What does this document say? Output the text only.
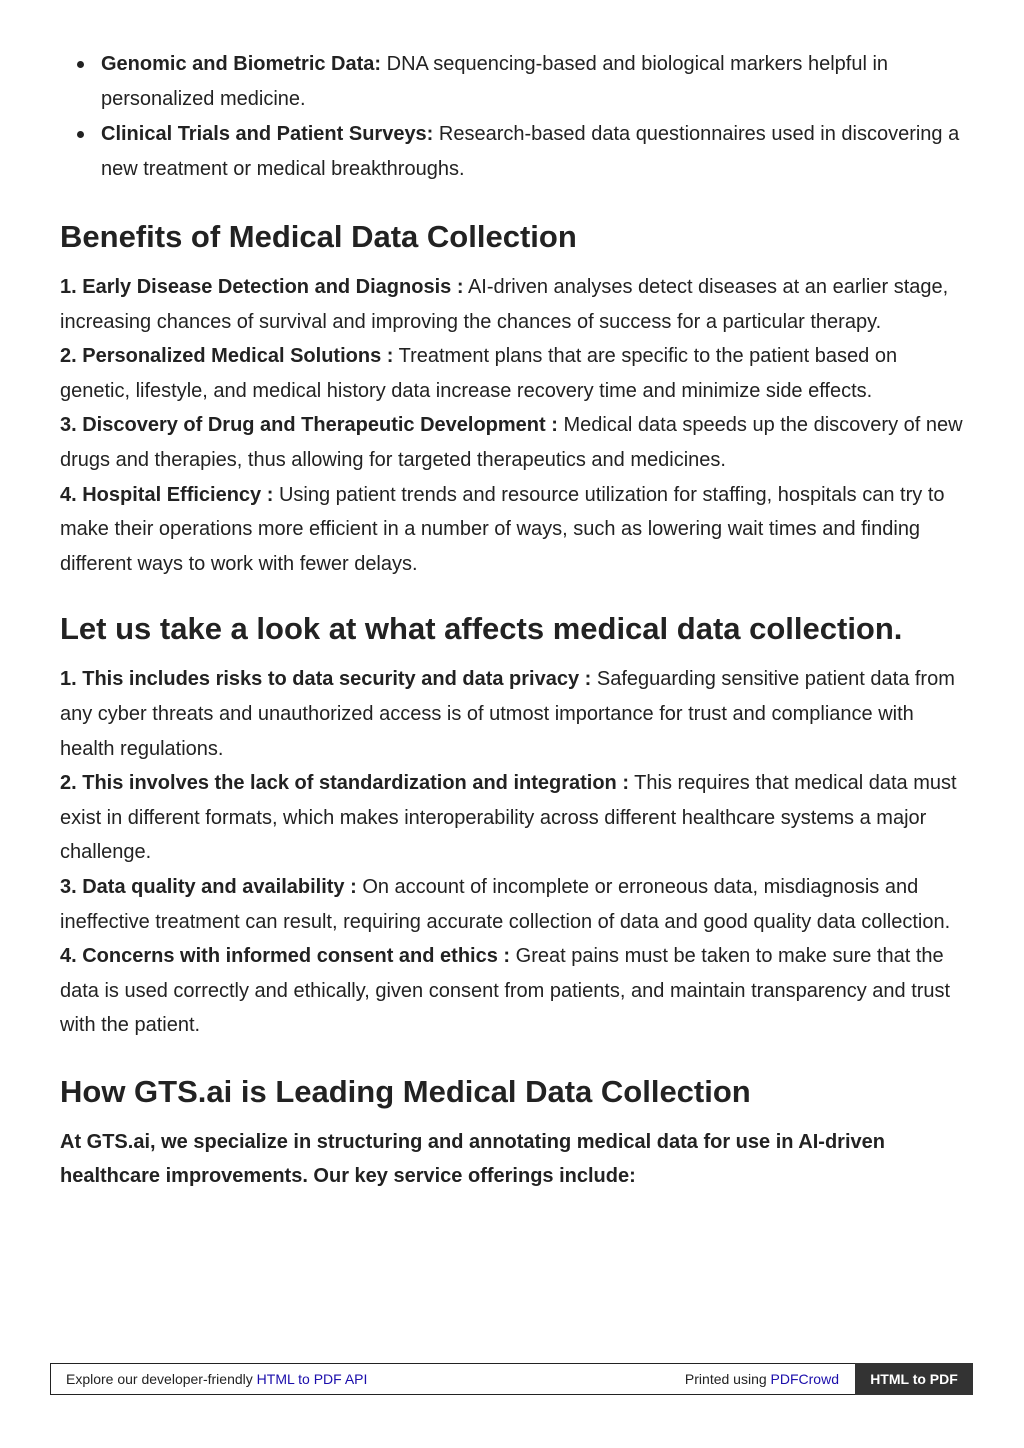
Genomic and Biometric Data: DNA sequencing-based and biological markers helpful in personalized medicine.
Clinical Trials and Patient Surveys: Research-based data questionnaires used in discovering a new treatment or medical breakthroughs.
Benefits of Medical Data Collection
1. Early Disease Detection and Diagnosis : AI-driven analyses detect diseases at an earlier stage, increasing chances of survival and improving the chances of success for a particular therapy.
2. Personalized Medical Solutions : Treatment plans that are specific to the patient based on genetic, lifestyle, and medical history data increase recovery time and minimize side effects.
3. Discovery of Drug and Therapeutic Development : Medical data speeds up the discovery of new drugs and therapies, thus allowing for targeted therapeutics and medicines.
4. Hospital Efficiency : Using patient trends and resource utilization for staffing, hospitals can try to make their operations more efficient in a number of ways, such as lowering wait times and finding different ways to work with fewer delays.
Let us take a look at what affects medical data collection.
1. This includes risks to data security and data privacy : Safeguarding sensitive patient data from any cyber threats and unauthorized access is of utmost importance for trust and compliance with health regulations.
2. This involves the lack of standardization and integration : This requires that medical data must exist in different formats, which makes interoperability across different healthcare systems a major challenge.
3. Data quality and availability : On account of incomplete or erroneous data, misdiagnosis and ineffective treatment can result, requiring accurate collection of data and good quality data collection.
4. Concerns with informed consent and ethics : Great pains must be taken to make sure that the data is used correctly and ethically, given consent from patients, and maintain transparency and trust with the patient.
How GTS.ai is Leading Medical Data Collection
At GTS.ai, we specialize in structuring and annotating medical data for use in AI-driven healthcare improvements. Our key service offerings include:
Explore our developer-friendly HTML to PDF API	Printed using PDFCrowd	HTML to PDF
